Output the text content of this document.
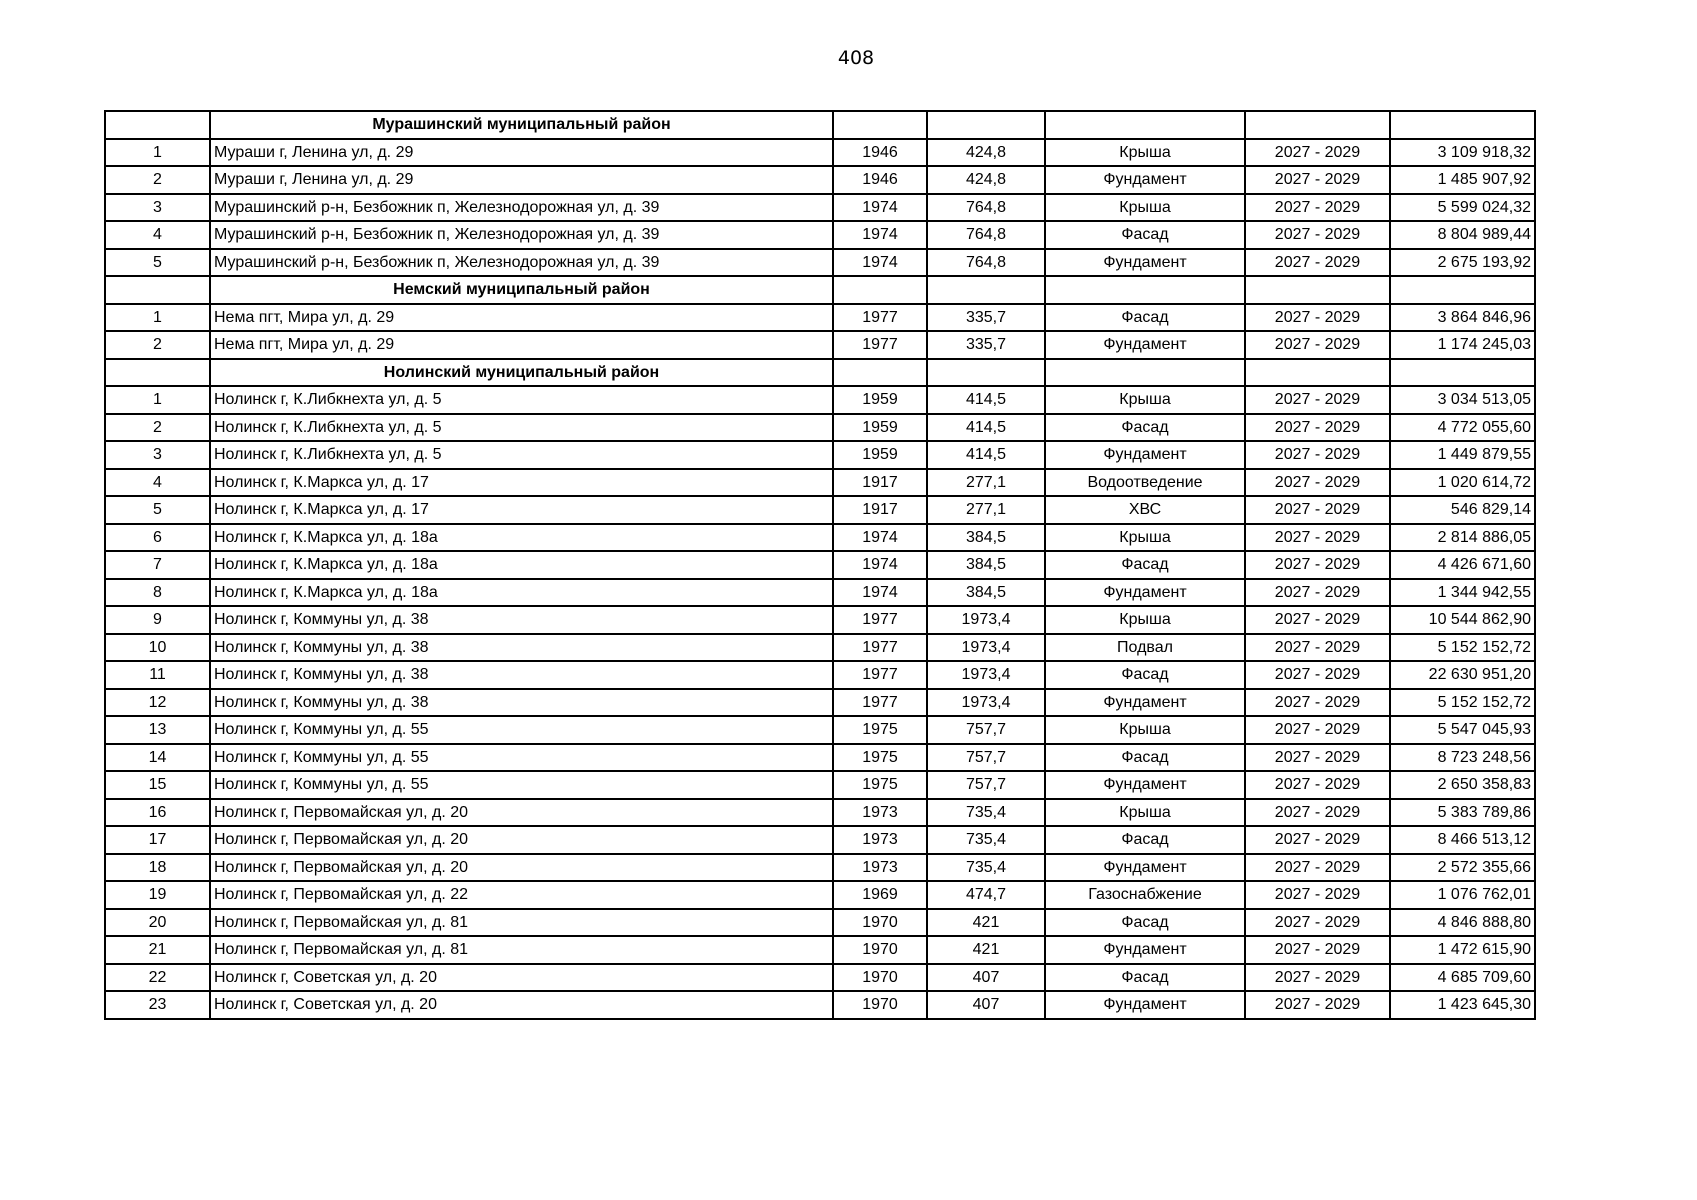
408
	Мурашинский муниципальный район					
1	Мураши г, Ленина ул, д. 29	1946	424,8	Крыша	2027 - 2029	3 109 918,32
2	Мураши г, Ленина ул, д. 29	1946	424,8	Фундамент	2027 - 2029	1 485 907,92
3	Мурашинский р-н, Безбожник п, Железнодорожная ул, д. 39	1974	764,8	Крыша	2027 - 2029	5 599 024,32
4	Мурашинский р-н, Безбожник п, Железнодорожная ул, д. 39	1974	764,8	Фасад	2027 - 2029	8 804 989,44
5	Мурашинский р-н, Безбожник п, Железнодорожная ул, д. 39	1974	764,8	Фундамент	2027 - 2029	2 675 193,92
	Немский муниципальный район					
1	Нема пгт, Мира ул, д. 29	1977	335,7	Фасад	2027 - 2029	3 864 846,96
2	Нема пгт, Мира ул, д. 29	1977	335,7	Фундамент	2027 - 2029	1 174 245,03
	Нолинский муниципальный район					
1	Нолинск г, К.Либкнехта ул, д. 5	1959	414,5	Крыша	2027 - 2029	3 034 513,05
2	Нолинск г, К.Либкнехта ул, д. 5	1959	414,5	Фасад	2027 - 2029	4 772 055,60
3	Нолинск г, К.Либкнехта ул, д. 5	1959	414,5	Фундамент	2027 - 2029	1 449 879,55
4	Нолинск г, К.Маркса ул, д. 17	1917	277,1	Водоотведение	2027 - 2029	1 020 614,72
5	Нолинск г, К.Маркса ул, д. 17	1917	277,1	ХВС	2027 - 2029	546 829,14
6	Нолинск г, К.Маркса ул, д. 18а	1974	384,5	Крыша	2027 - 2029	2 814 886,05
7	Нолинск г, К.Маркса ул, д. 18а	1974	384,5	Фасад	2027 - 2029	4 426 671,60
8	Нолинск г, К.Маркса ул, д. 18а	1974	384,5	Фундамент	2027 - 2029	1 344 942,55
9	Нолинск г, Коммуны ул, д. 38	1977	1973,4	Крыша	2027 - 2029	10 544 862,90
10	Нолинск г, Коммуны ул, д. 38	1977	1973,4	Подвал	2027 - 2029	5 152 152,72
11	Нолинск г, Коммуны ул, д. 38	1977	1973,4	Фасад	2027 - 2029	22 630 951,20
12	Нолинск г, Коммуны ул, д. 38	1977	1973,4	Фундамент	2027 - 2029	5 152 152,72
13	Нолинск г, Коммуны ул, д. 55	1975	757,7	Крыша	2027 - 2029	5 547 045,93
14	Нолинск г, Коммуны ул, д. 55	1975	757,7	Фасад	2027 - 2029	8 723 248,56
15	Нолинск г, Коммуны ул, д. 55	1975	757,7	Фундамент	2027 - 2029	2 650 358,83
16	Нолинск г, Первомайская ул, д. 20	1973	735,4	Крыша	2027 - 2029	5 383 789,86
17	Нолинск г, Первомайская ул, д. 20	1973	735,4	Фасад	2027 - 2029	8 466 513,12
18	Нолинск г, Первомайская ул, д. 20	1973	735,4	Фундамент	2027 - 2029	2 572 355,66
19	Нолинск г, Первомайская ул, д. 22	1969	474,7	Газоснабжение	2027 - 2029	1 076 762,01
20	Нолинск г, Первомайская ул, д. 81	1970	421	Фасад	2027 - 2029	4 846 888,80
21	Нолинск г, Первомайская ул, д. 81	1970	421	Фундамент	2027 - 2029	1 472 615,90
22	Нолинск г, Советская ул, д. 20	1970	407	Фасад	2027 - 2029	4 685 709,60
23	Нолинск г, Советская ул, д. 20	1970	407	Фундамент	2027 - 2029	1 423 645,30
